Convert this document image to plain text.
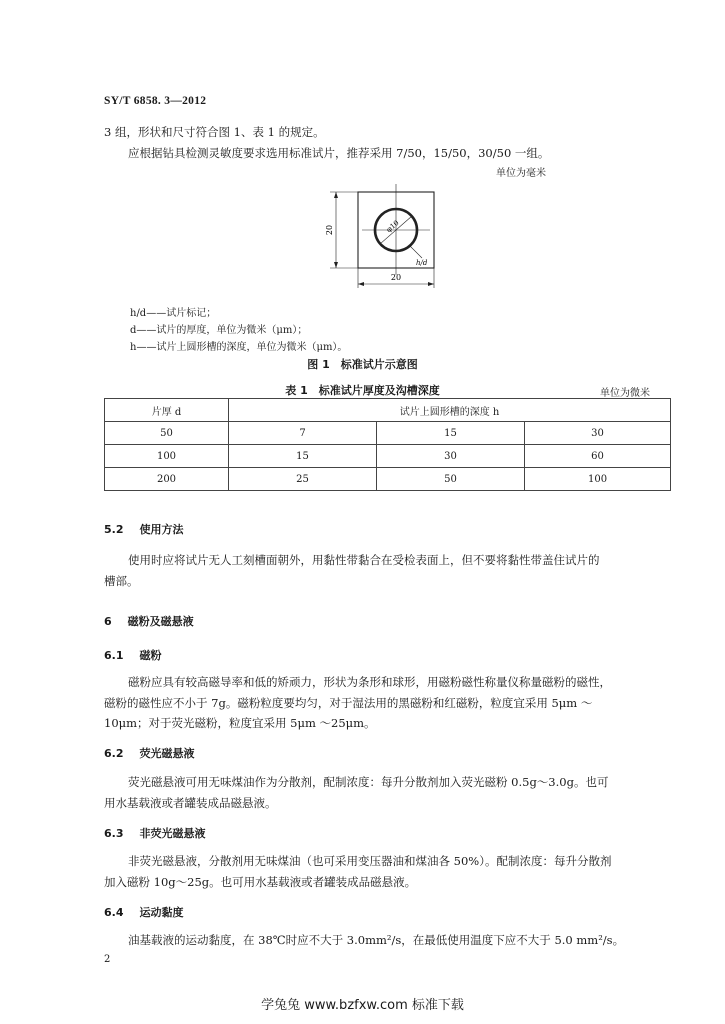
SY/T 6858. 3—2012
3 组，形状和尺寸符合图 1、表 1 的规定。
应根据钻具检测灵敏度要求选用标准试片，推荐采用 7/50，15/50，30/50 一组。
单位为毫米
20
20
φ10
h/d
h/d——试片标记；
d——试片的厚度，单位为微米（μm）；
h——试片上圆形槽的深度，单位为微米（μm）。
图 1　标准试片示意图
表 1　标准试片厚度及沟槽深度	单位为微米
片厚 d	试片上圆形槽的深度 h		
50	7	15	30
100	15	30	60
200	25	50	100
5.2 使用方法
使用时应将试片无人工刻槽面朝外，用黏性带黏合在受检表面上，但不要将黏性带盖住试片的
槽部。
6 磁粉及磁悬液
6.1 磁粉
磁粉应具有较高磁导率和低的矫顽力，形状为条形和球形，用磁粉磁性称量仪称量磁粉的磁性，
磁粉的磁性应不小于 7g。磁粉粒度要均匀，对于湿法用的黑磁粉和红磁粉，粒度宜采用 5μm ～
10μm；对于荧光磁粉，粒度宜采用 5μm ～25μm。
6.2 荧光磁悬液
荧光磁悬液可用无味煤油作为分散剂，配制浓度：每升分散剂加入荧光磁粉 0.5g～3.0g。也可
用水基载液或者罐装成品磁悬液。
6.3 非荧光磁悬液
非荧光磁悬液，分散剂用无味煤油（也可采用变压器油和煤油各 50%）。配制浓度：每升分散剂
加入磁粉 10g～25g。也可用水基载液或者罐装成品磁悬液。
6.4 运动黏度
油基载液的运动黏度，在 38℃时应不大于 3.0mm²/s，在最低使用温度下应不大于 5.0 mm²/s。
2
学兔兔 www.bzfxw.com 标准下载
